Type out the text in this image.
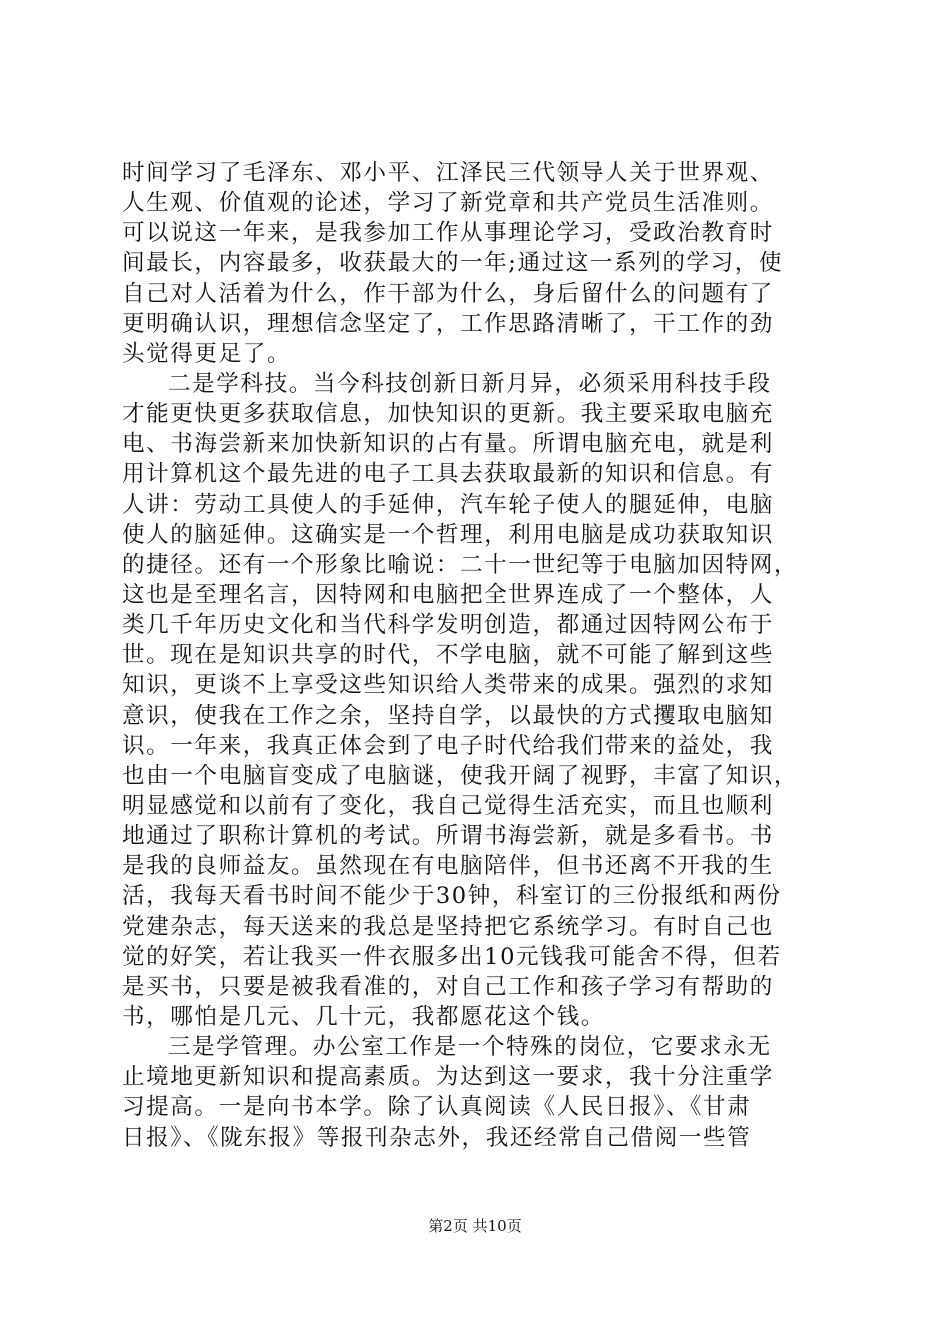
时间学习了毛泽东、邓小平、江泽民三代领导人关于世界观、
人生观、价值观的论述，学习了新党章和共产党员生活准则。
可以说这一年来，是我参加工作从事理论学习，受政治教育时
间最长，内容最多，收获最大的一年;通过这一系列的学习，使
自己对人活着为什么，作干部为什么，身后留什么的问题有了
更明确认识，理想信念坚定了，工作思路清晰了，干工作的劲
头觉得更足了。
二是学科技。当今科技创新日新月异，必须采用科技手段
才能更快更多获取信息，加快知识的更新。我主要采取电脑充
电、书海尝新来加快新知识的占有量。所谓电脑充电，就是利
用计算机这个最先进的电子工具去获取最新的知识和信息。有
人讲：劳动工具使人的手延伸，汽车轮子使人的腿延伸，电脑
使人的脑延伸。这确实是一个哲理，利用电脑是成功获取知识
的捷径。还有一个形象比喻说：二十一世纪等于电脑加因特网，
这也是至理名言，因特网和电脑把全世界连成了一个整体，人
类几千年历史文化和当代科学发明创造，都通过因特网公布于
世。现在是知识共享的时代，不学电脑，就不可能了解到这些
知识，更谈不上享受这些知识给人类带来的成果。强烈的求知
意识，使我在工作之余，坚持自学，以最快的方式攫取电脑知
识。一年来，我真正体会到了电子时代给我们带来的益处，我
也由一个电脑盲变成了电脑谜，使我开阔了视野，丰富了知识，
明显感觉和以前有了变化，我自己觉得生活充实，而且也顺利
地通过了职称计算机的考试。所谓书海尝新，就是多看书。书
是我的良师益友。虽然现在有电脑陪伴，但书还离不开我的生
活，我每天看书时间不能少于30钟，科室订的三份报纸和两份
党建杂志，每天送来的我总是坚持把它系统学习。有时自己也
觉的好笑，若让我买一件衣服多出10元钱我可能舍不得，但若
是买书，只要是被我看准的，对自己工作和孩子学习有帮助的
书，哪怕是几元、几十元，我都愿花这个钱。
三是学管理。办公室工作是一个特殊的岗位，它要求永无
止境地更新知识和提高素质。为达到这一要求，我十分注重学
习提高。一是向书本学。除了认真阅读《人民日报》、《甘肃
日报》、《陇东报》等报刊杂志外，我还经常自己借阅一些管
第2页 共10页
